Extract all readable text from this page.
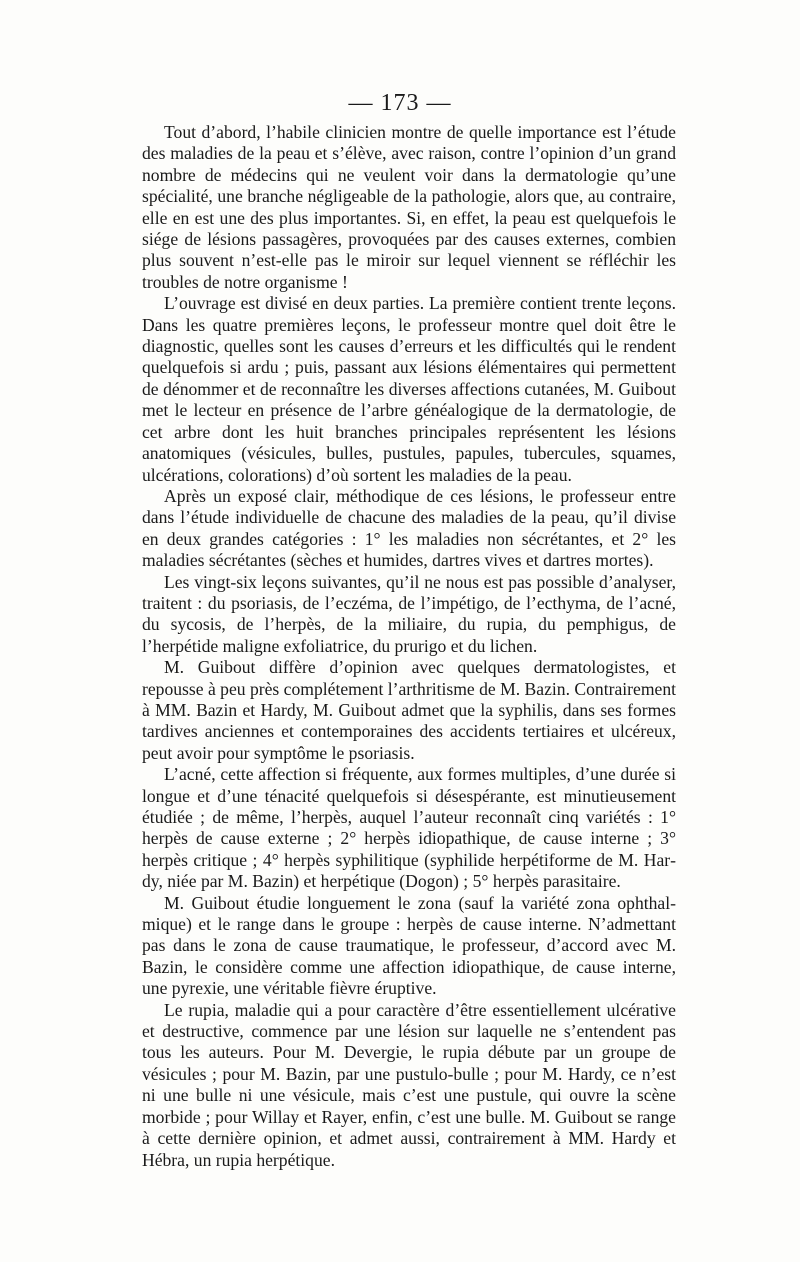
— 173 —

Tout d’abord, l’habile clinicien montre de quelle importance est l’étude des maladies de la peau et s’élève, avec raison, contre l’opinion d’un grand nombre de médecins qui ne veulent voir dans la dermatologie qu’une spécialité, une branche négligeable de la pathologie, alors que, au contraire, elle en est une des plus importantes. Si, en effet, la peau est quelquefois le siége de lésions passagères, provoquées par des causes externes, combien plus souvent n’est-elle pas le miroir sur lequel viennent se réfléchir les troubles de notre organisme !

L’ouvrage est divisé en deux parties. La première contient trente leçons. Dans les quatre premières leçons, le professeur montre quel doit être le diagnostic, quelles sont les causes d’erreurs et les difficultés qui le rendent quelquefois si ardu ; puis, passant aux lésions élémentaires qui permettent de dénommer et de reconnaître les diverses affections cutanées, M. Guibout met le lecteur en présence de l’arbre généalogique de la dermatologie, de cet arbre dont les huit branches principales représentent les lésions anatomiques (vésicules, bulles, pustules, papules, tubercules, squames, ulcérations, colorations) d’où sortent les maladies de la peau.

Après un exposé clair, méthodique de ces lésions, le professeur entre dans l’étude individuelle de chacune des maladies de la peau, qu’il divise en deux grandes catégories : 1° les maladies non sécrétantes, et 2° les maladies sécrétantes (sèches et humides, dartres vives et dartres mortes).

Les vingt-six leçons suivantes, qu’il ne nous est pas possible d’analyser, traitent : du psoriasis, de l’eczéma, de l’impétigo, de l’ecthyma, de l’acné, du sycosis, de l’herpès, de la miliaire, du rupia, du pemphigus, de l’herpétide maligne exfoliatrice, du prurigo et du lichen.

M. Guibout diffère d’opinion avec quelques dermatologistes, et repousse à peu près complétement l’arthritisme de M. Bazin. Contrairement à MM. Bazin et Hardy, M. Guibout admet que la syphilis, dans ses formes tardives anciennes et contemporaines des accidents tertiaires et ulcéreux, peut avoir pour symptôme le psoriasis.

L’acné, cette affection si fréquente, aux formes multiples, d’une durée si longue et d’une ténacité quelquefois si désespérante, est minutieusement étudiée ; de même, l’herpès, auquel l’auteur reconnaît cinq variétés : 1° herpès de cause externe ; 2° herpès idiopathique, de cause interne ; 3° herpès critique ; 4° herpès syphilitique (syphilide herpétiforme de M. Hardy, niée par M. Bazin) et herpétique (Dogon) ; 5° herpès parasitaire.

M. Guibout étudie longuement le zona (sauf la variété zona ophthalmique) et le range dans le groupe : herpès de cause interne. N’admettant pas dans le zona de cause traumatique, le professeur, d’accord avec M. Bazin, le considère comme une affection idiopathique, de cause interne, une pyrexie, une véritable fièvre éruptive.

Le rupia, maladie qui a pour caractère d’être essentiellement ulcérative et destructive, commence par une lésion sur laquelle ne s’entendent pas tous les auteurs. Pour M. Devergie, le rupia débute par un groupe de vésicules ; pour M. Bazin, par une pustulo-bulle ; pour M. Hardy, ce n’est ni une bulle ni une vésicule, mais c’est une pustule, qui ouvre la scène morbide ; pour Willay et Rayer, enfin, c’est une bulle. M. Guibout se range à cette dernière opinion, et admet aussi, contrairement à MM. Hardy et Hébra, un rupia herpétique.
